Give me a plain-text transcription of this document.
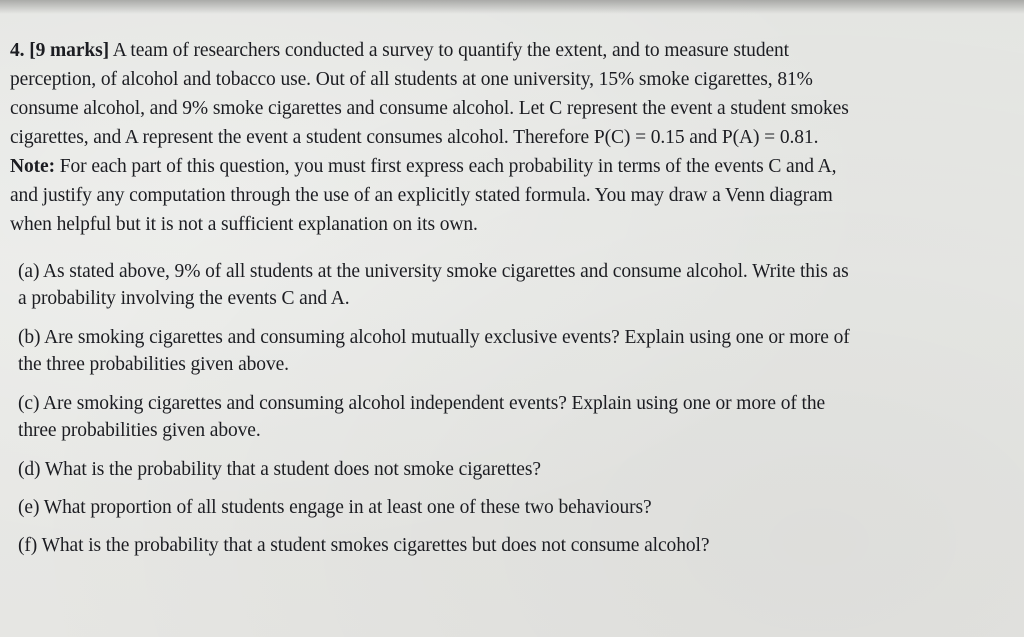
4. [9 marks] A team of researchers conducted a survey to quantify the extent, and to measure student
perception, of alcohol and tobacco use. Out of all students at one university, 15% smoke cigarettes, 81%
consume alcohol, and 9% smoke cigarettes and consume alcohol. Let C represent the event a student smokes
cigarettes, and A represent the event a student consumes alcohol. Therefore P(C) = 0.15 and P(A) = 0.81.
Note: For each part of this question, you must first express each probability in terms of the events C and A,
and justify any computation through the use of an explicitly stated formula. You may draw a Venn diagram
when helpful but it is not a sufficient explanation on its own.
(a) As stated above, 9% of all students at the university smoke cigarettes and consume alcohol. Write this as
a probability involving the events C and A.
(b) Are smoking cigarettes and consuming alcohol mutually exclusive events? Explain using one or more of
the three probabilities given above.
(c) Are smoking cigarettes and consuming alcohol independent events? Explain using one or more of the
three probabilities given above.
(d) What is the probability that a student does not smoke cigarettes?
(e) What proportion of all students engage in at least one of these two behaviours?
(f) What is the probability that a student smokes cigarettes but does not consume alcohol?
